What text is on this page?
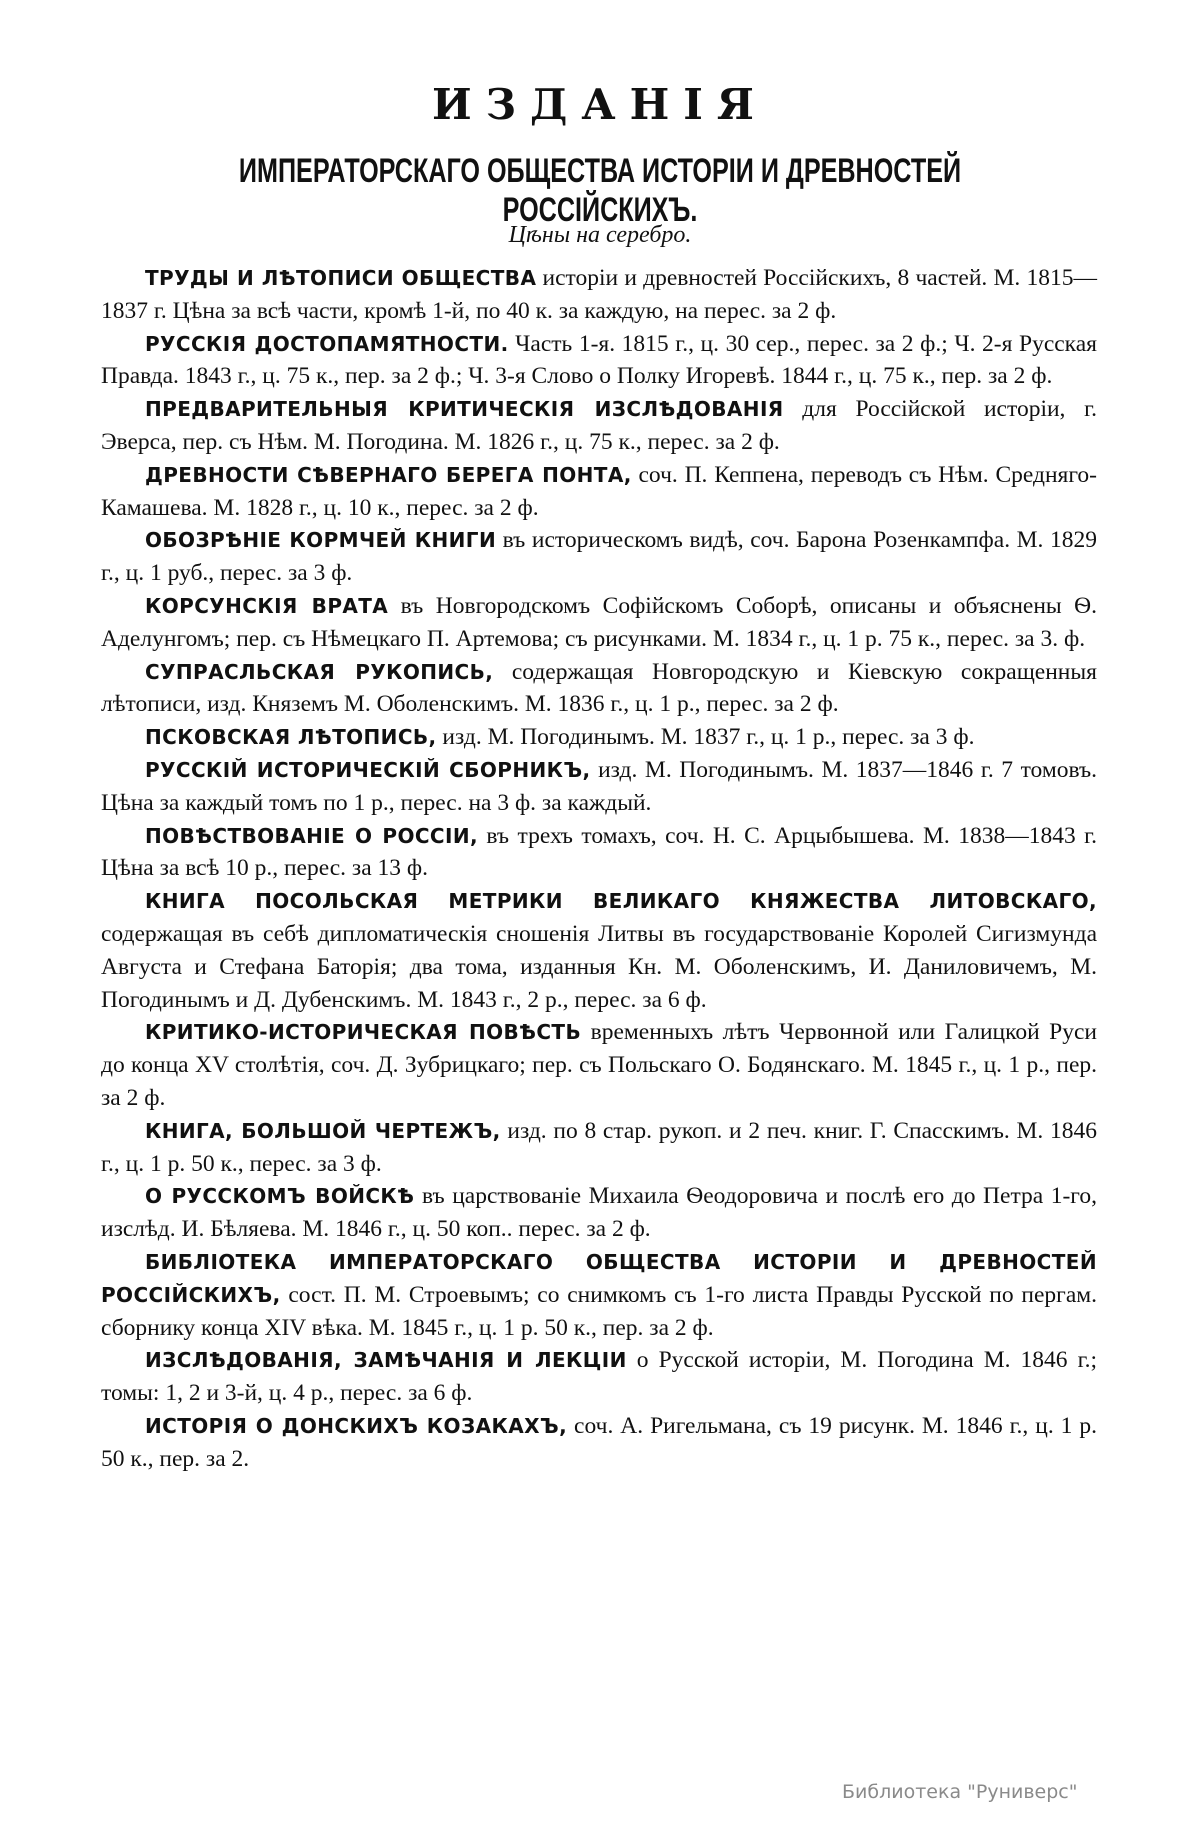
ИЗДАНІЯ
ИМПЕРАТОРСКАГО ОБЩЕСТВА ИСТОРІИ И ДРЕВНОСТЕЙ РОССІЙСКИХЪ.
Цѣны на серебро.

ТРУДЫ И ЛѢТОПИСИ ОБЩЕСТВА исторіи и древностей Россійскихъ, 8 частей. М. 1815—1837 г. Цѣна за всѣ части, кромѣ 1-й, по 40 к. за каждую, на перес. за 2 ф.

РУССКІЯ ДОСТОПАМЯТНОСТИ. Часть 1-я. 1815 г., ц. 30 сер., перес. за 2 ф.; Ч. 2-я Русская Правда. 1843 г., ц. 75 к., пер. за 2 ф.; Ч. 3-я Слово о Полку Игоревѣ. 1844 г., ц. 75 к., пер. за 2 ф.

ПРЕДВАРИТЕЛЬНЫЯ КРИТИЧЕСКІЯ ИЗСЛѢДОВАНІЯ для Россійской исторіи, г. Эверса, пер. съ Нѣм. М. Погодина. М. 1826 г., ц. 75 к., перес. за 2 ф.

ДРЕВНОСТИ СѢВЕРНАГО БЕРЕГА ПОНТА, соч. П. Кеппена, переводъ съ Нѣм. Средняго-Камашева. М. 1828 г., ц. 10 к., перес. за 2 ф.

ОБОЗРѢНІЕ КОРМЧЕЙ КНИГИ въ историческомъ видѣ, соч. Барона Розенкампфа. М. 1829 г., ц. 1 руб., перес. за 3 ф.

КОРСУНСКІЯ ВРАТА въ Новгородскомъ Софійскомъ Соборѣ, описаны и объяснены Ѳ. Аделунгомъ; пер. съ Нѣмецкаго П. Артемова; съ рисунками. М. 1834 г., ц. 1 р. 75 к., перес. за 3. ф.

СУПРАСЛЬСКАЯ РУКОПИСЬ, содержащая Новгородскую и Кіевскую сокращенныя лѣтописи, изд. Княземъ М. Оболенскимъ. М. 1836 г., ц. 1 р., перес. за 2 ф.

ПСКОВСКАЯ ЛѢТОПИСЬ, изд. М. Погодинымъ. М. 1837 г., ц. 1 р., перес. за 3 ф.

РУССКІЙ ИСТОРИЧЕСКІЙ СБОРНИКЪ, изд. М. Погодинымъ. М. 1837—1846 г. 7 томовъ. Цѣна за каждый томъ по 1 р., перес. на 3 ф. за каждый.

ПОВѢСТВОВАНІЕ О РОССІИ, въ трехъ томахъ, соч. Н. С. Арцыбышева. М. 1838—1843 г. Цѣна за всѣ 10 р., перес. за 13 ф.

КНИГА ПОСОЛЬСКАЯ МЕТРИКИ ВЕЛИКАГО КНЯЖЕСТВА ЛИТОВСКАГО, содержащая въ себѣ дипломатическія сношенія Литвы въ государствованіе Королей Сигизмунда Августа и Стефана Баторія; два тома, изданныя Кн. М. Оболенскимъ, И. Даниловичемъ, М. Погодинымъ и Д. Дубенскимъ. М. 1843 г., 2 р., перес. за 6 ф.

КРИТИКО-ИСТОРИЧЕСКАЯ ПОВѢСТЬ временныхъ лѣтъ Червонной или Галицкой Руси до конца XV столѣтія, соч. Д. Зубрицкаго; пер. съ Польскаго О. Бодянскаго. М. 1845 г., ц. 1 р., пер. за 2 ф.

КНИГА, БОЛЬШОЙ ЧЕРТЕЖЪ, изд. по 8 стар. рукоп. и 2 печ. книг. Г. Спасскимъ. М. 1846 г., ц. 1 р. 50 к., перес. за 3 ф.

О РУССКОМЪ ВОЙСКѢ въ царствованіе Михаила Ѳеодоровича и послѣ его до Петра 1-го, изслѣд. И. Бѣляева. М. 1846 г., ц. 50 коп.. перес. за 2 ф.

БИБЛІОТЕКА ИМПЕРАТОРСКАГО ОБЩЕСТВА ИСТОРІИ И ДРЕВНОСТЕЙ РОССІЙСКИХЪ, сост. П. М. Строевымъ; со снимкомъ съ 1-го листа Правды Русской по пергам. сборнику конца XIV вѣка. М. 1845 г., ц. 1 р. 50 к., пер. за 2 ф.

ИЗСЛѢДОВАНІЯ, ЗАМѢЧАНІЯ И ЛЕКЦІИ о Русской исторіи, М. Погодина М. 1846 г.; томы: 1, 2 и 3-й, ц. 4 р., перес. за 6 ф.

ИСТОРІЯ О ДОНСКИХЪ КОЗАКАХЪ, соч. А. Ригельмана, съ 19 рисунк. М. 1846 г., ц. 1 р. 50 к., пер. за 2.

Библиотека "Руниверс"
